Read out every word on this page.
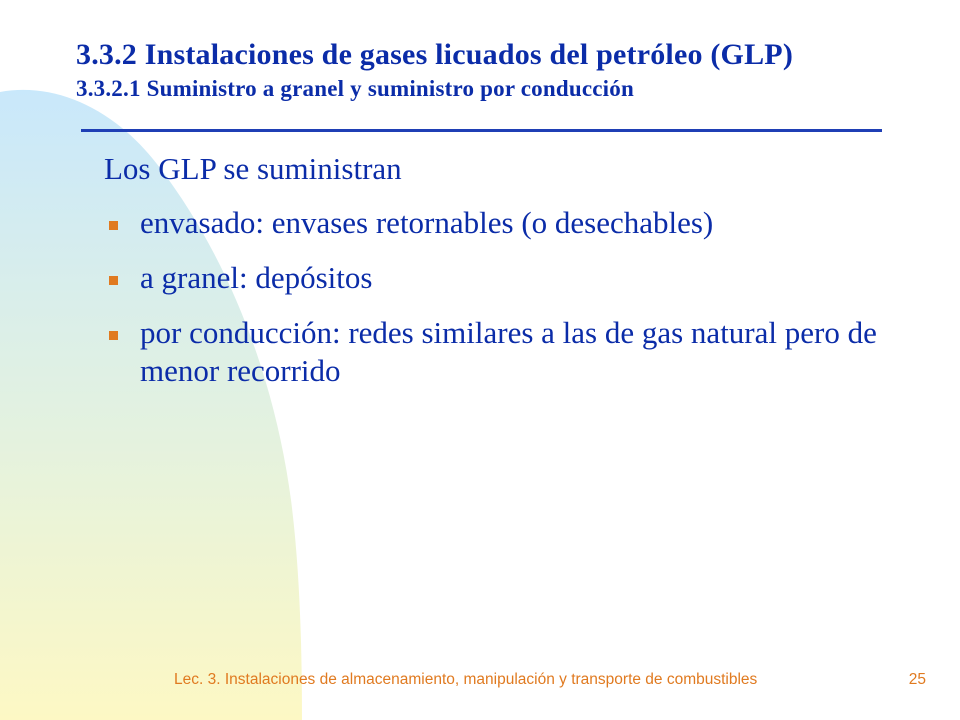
3.3.2 Instalaciones de gases licuados del petróleo (GLP)
3.3.2.1 Suministro a granel y suministro por conducción

Los GLP se suministran

envasado: envases retornables (o desechables)
a granel: depósitos
por conducción: redes similares a las de gas natural pero de menor recorrido
Lec. 3. Instalaciones de almacenamiento, manipulación y transporte de combustibles	25
